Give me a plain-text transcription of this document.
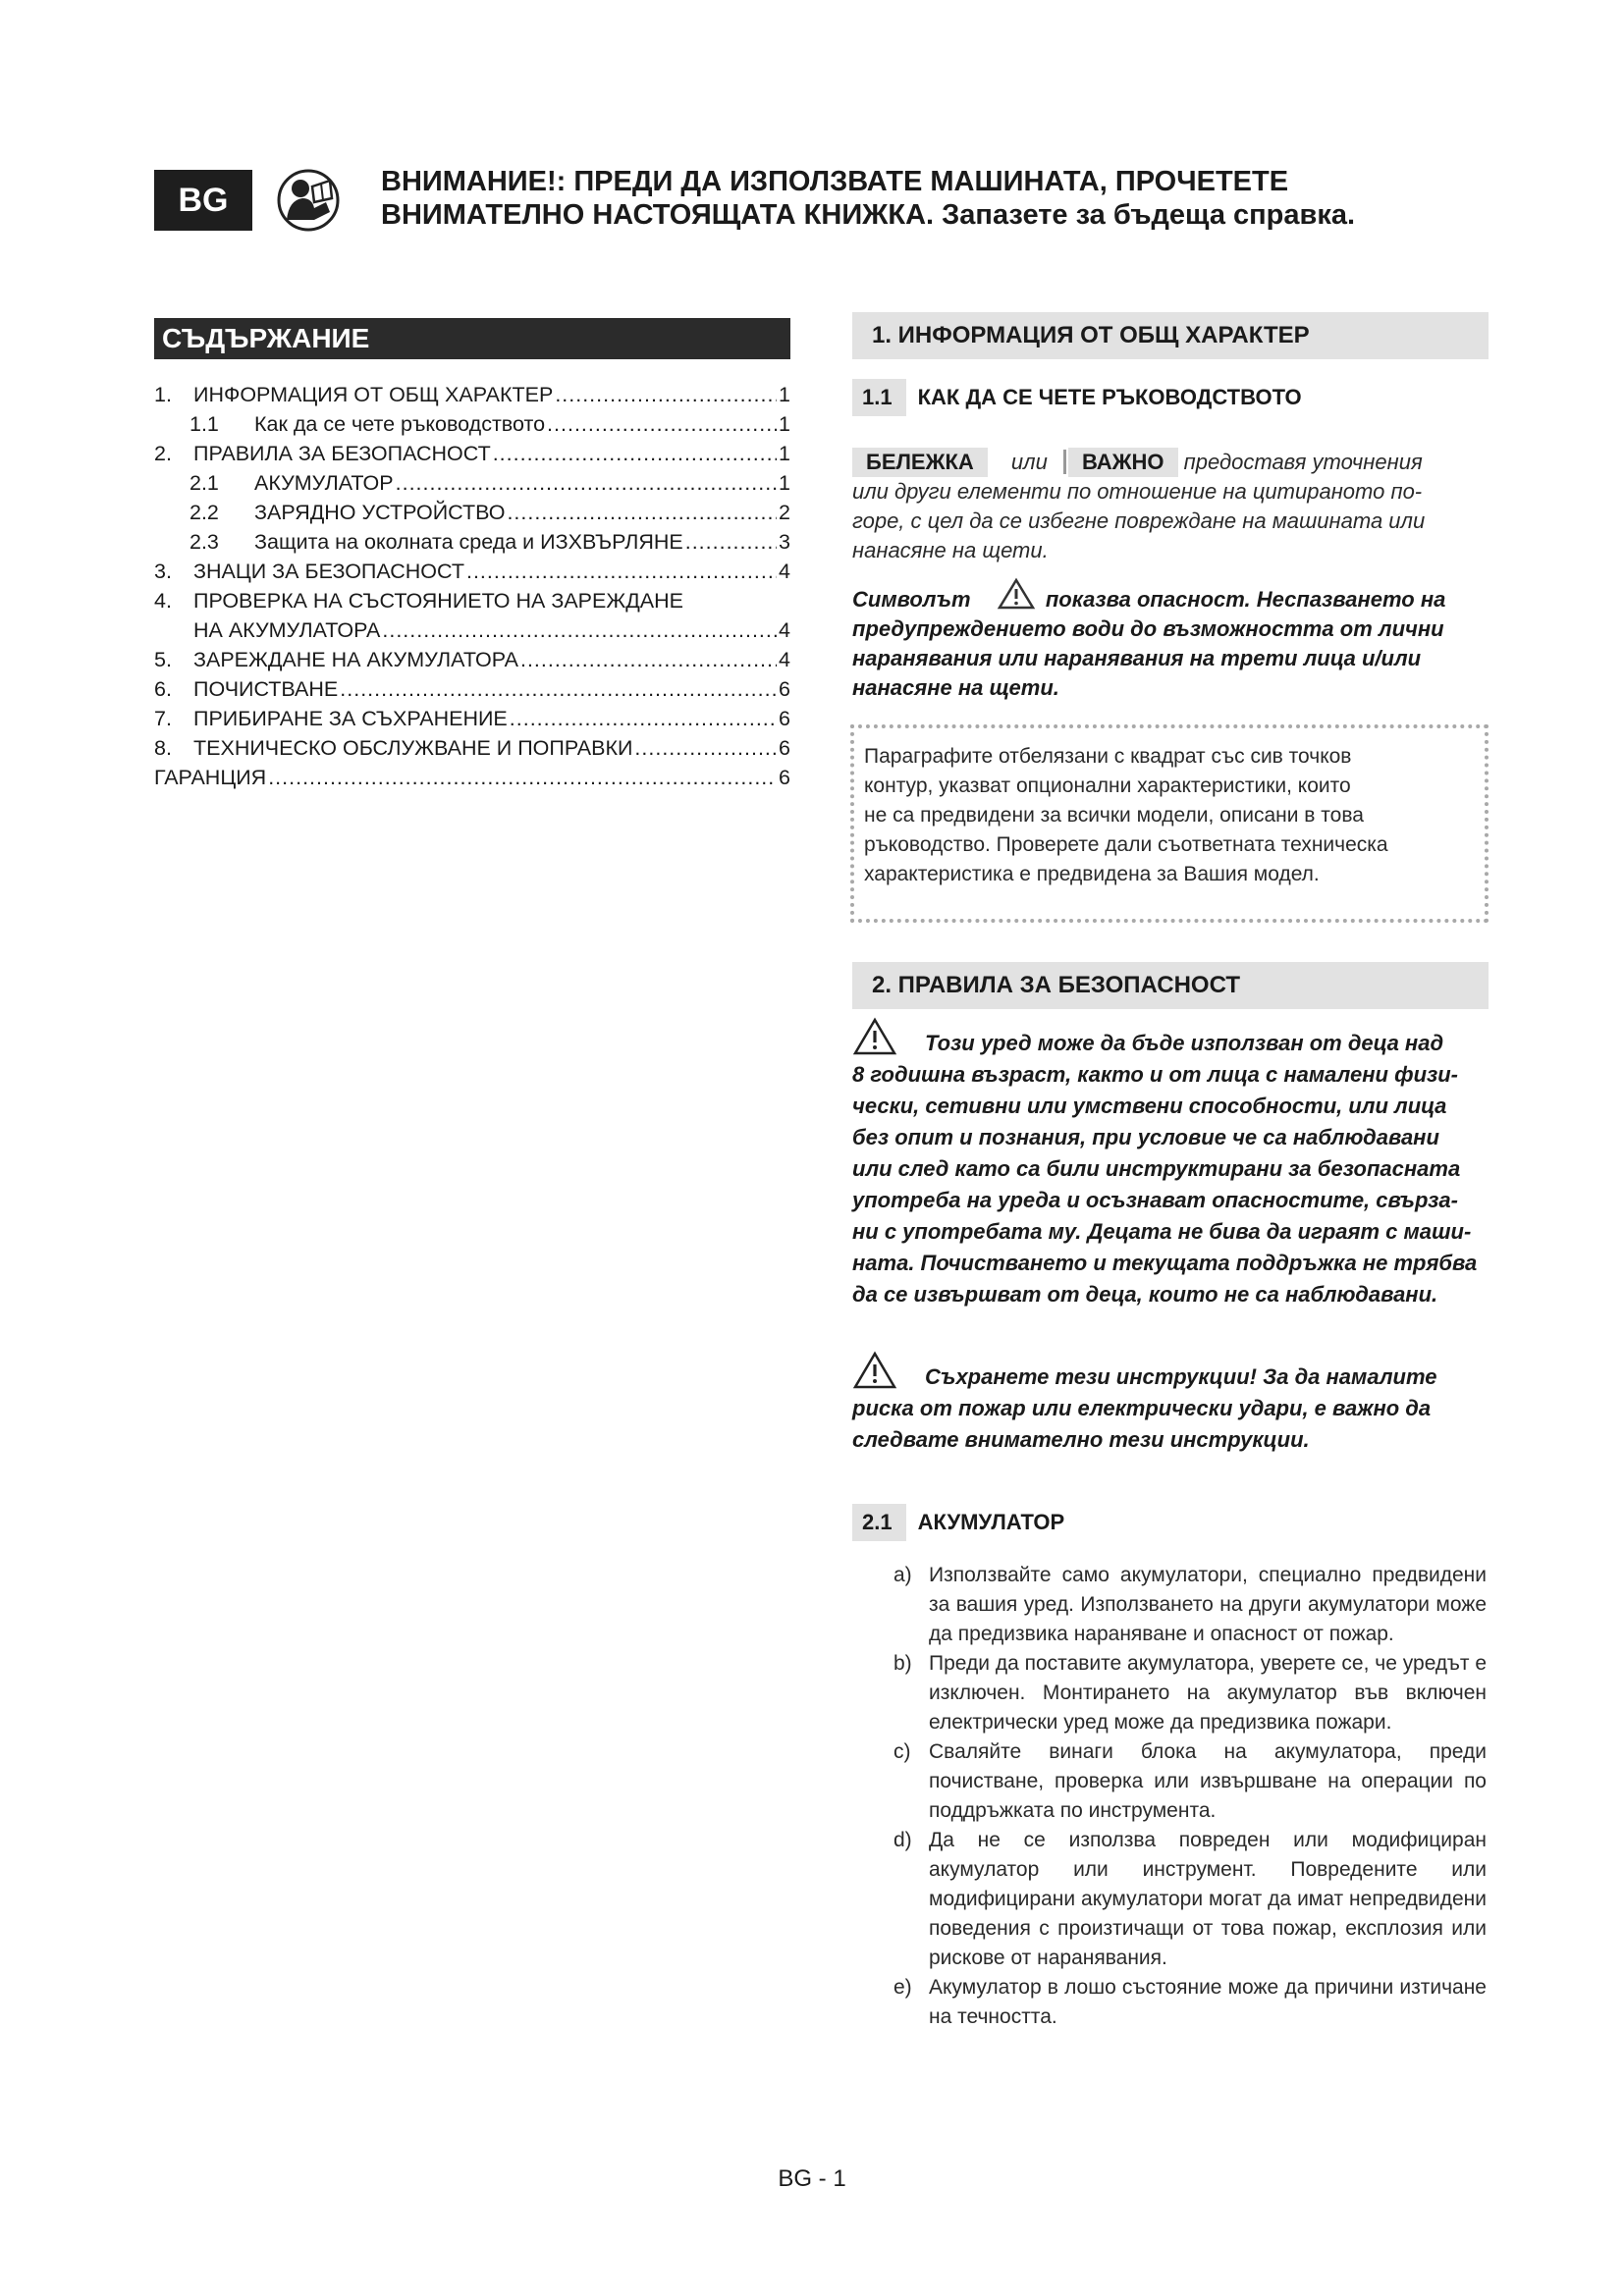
BG	ВНИМАНИЕ!: ПРЕДИ ДА ИЗПОЛЗВАТЕ МАШИНАТА, ПРОЧЕТЕТЕ
ВНИМАТЕЛНО НАСТОЯЩАТА КНИЖКА. Запазете за бъдеща справка.
СЪДЪРЖАНИЕ
1.	ИНФОРМАЦИЯ ОТ ОБЩ ХАРАКТЕР .....	1
1.1	Как да се чете ръководството .....	1
2.	ПРАВИЛА ЗА БЕЗОПАСНОСТ .....	1
2.1	АКУМУЛАТОР .....	1
2.2	ЗАРЯДНО УСТРОЙСТВО .....	2
2.3	Защита на околната среда и ИЗХВЪРЛЯНЕ .....	3
3.	ЗНАЦИ ЗА БЕЗОПАСНОСТ .....	4
4.	ПРОВЕРКА НА СЪСТОЯНИЕТО НА ЗАРЕЖДАНЕ
НА АКУМУЛАТОРА .....	4
5.	ЗАРЕЖДАНЕ НА АКУМУЛАТОРА .....	4
6.	ПОЧИСТВАНЕ .....	6
7.	ПРИБИРАНЕ ЗА СЪХРАНЕНИЕ .....	6
8.	ТЕХНИЧЕСКО ОБСЛУЖВАНЕ И ПОПРАВКИ .....	6
ГАРАНЦИЯ .....	6
1. ИНФОРМАЦИЯ ОТ ОБЩ ХАРАКТЕР
1.1	КАК ДА СЕ ЧЕТЕ РЪКОВОДСТВОТО
БЕЛЕЖКА или ВАЖНО предоставя уточнения
или други елементи по отношение на цитираното по-
горе, с цел да се избегне повреждане на машината или
нанасяне на щети.
Символът	показва опасност. Неспазването на
предупреждението води до възможността от лични
наранявания или наранявания на трети лица и/или
нанасяне на щети.
Параграфите отбелязани с квадрат със сив точков
контур, указват опционални характеристики, които
не са предвидени за всички модели, описани в това
ръководство. Проверете дали съответната техническа
характеристика е предвидена за Вашия модел.
2. ПРАВИЛА ЗА БЕЗОПАСНОСТ
Този уред може да бъде използван от деца над
8 годишна възраст, както и от лица с намалени физи-
чески, сетивни или умствени способности, или лица
без опит и познания, при условие че са наблюдавани
или след като са били инструктирани за безопасната
употреба на уреда и осъзнават опасностите, свърза-
ни с употребата му. Децата не бива да играят с маши-
ната. Почистването и текущата поддръжка не трябва
да се извършват от деца, които не са наблюдавани.
Съхранете тези инструкции! За да намалите
риска от пожар или електрически удари, е важно да
следвате внимателно тези инструкции.
2.1	АКУМУЛАТОР
a) Използвайте само акумулатори, специално предвидени за вашия уред. Използването на други акумулатори може да предизвика нараняване и опасност от пожар.
b) Преди да поставите акумулатора, уверете се, че уредът е изключен. Монтирането на акумулатор във включен електрически уред може да предизвика пожари.
c) Сваляйте винаги блока на акумулатора, преди почистване, проверка или извършване на операции по поддръжката по инструмента.
d) Да не се използва повреден или модифициран акумулатор или инструмент. Повредените или модифицирани акумулатори могат да имат непредвидени поведения с произтичащи от това пожар, експлозия или рискове от наранявания.
e) Акумулатор в лошо състояние може да причини изтичане на течността.
BG - 1
